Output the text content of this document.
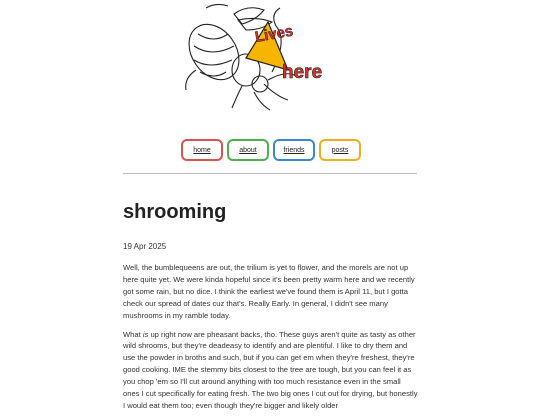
Lives
here
home	about	friends	posts
shrooming
19 Apr 2025

Well, the bumblequeens are out, the trilium is yet to flower, and the morels are not up here quite yet. We were kinda hopeful since it's been pretty warm here and we recently got some rain, but no dice. I think the earliest we've found them is April 11, but I gotta check our spread of dates cuz that's. Really Early. In general, I didn't see many mushrooms in my ramble today.

What is up right now are pheasant backs, tho. These guys aren't quite as tasty as other wild shrooms, but they're deadeasy to identify and are plentiful. I like to dry them and use the powder in broths and such, but if you can get em when they're freshest, they're good cooking. IME the stemmy bits closest to the tree are tough, but you can feel it as you chop 'em so I'll cut around anything with too much resistance even in the small ones I cut specifically for eating fresh. The two big ones I cut out for drying, but honestly I would eat them too; even though they're bigger and likely older
